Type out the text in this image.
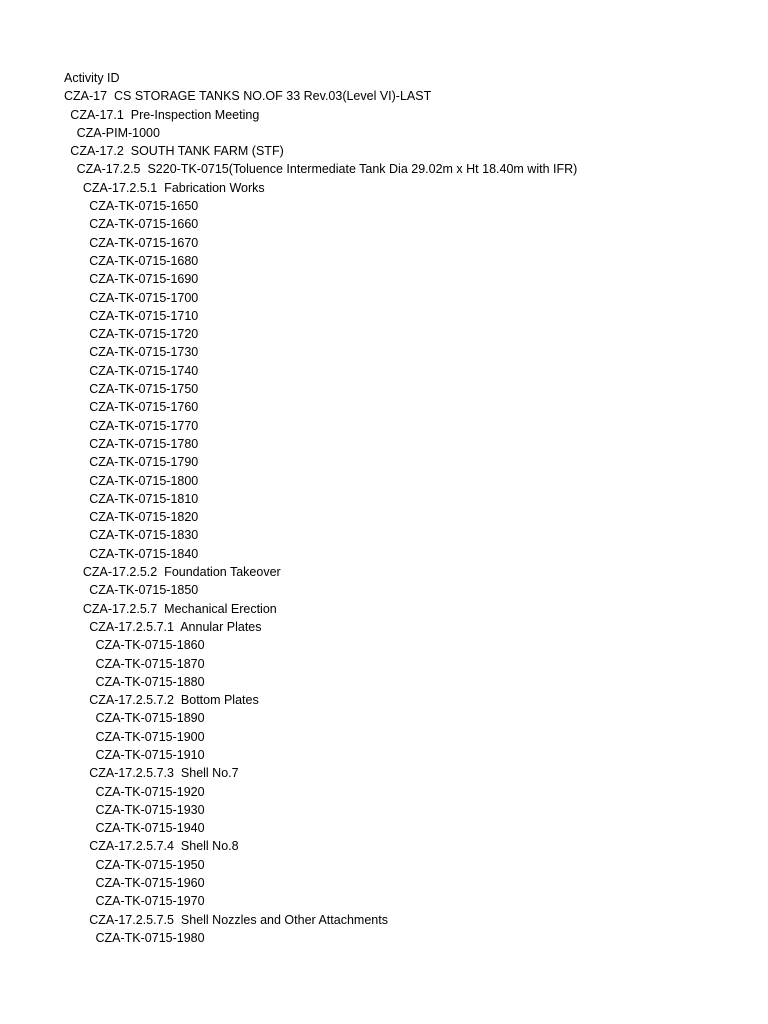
Activity ID
CZA-17  CS STORAGE TANKS NO.OF 33 Rev.03(Level VI)-LAST
CZA-17.1  Pre-Inspection Meeting
CZA-PIM-1000
CZA-17.2  SOUTH TANK FARM (STF)
CZA-17.2.5  S220-TK-0715(Toluence Intermediate Tank Dia 29.02m x Ht 18.40m with IFR)
CZA-17.2.5.1  Fabrication Works
CZA-TK-0715-1650
CZA-TK-0715-1660
CZA-TK-0715-1670
CZA-TK-0715-1680
CZA-TK-0715-1690
CZA-TK-0715-1700
CZA-TK-0715-1710
CZA-TK-0715-1720
CZA-TK-0715-1730
CZA-TK-0715-1740
CZA-TK-0715-1750
CZA-TK-0715-1760
CZA-TK-0715-1770
CZA-TK-0715-1780
CZA-TK-0715-1790
CZA-TK-0715-1800
CZA-TK-0715-1810
CZA-TK-0715-1820
CZA-TK-0715-1830
CZA-TK-0715-1840
CZA-17.2.5.2  Foundation Takeover
CZA-TK-0715-1850
CZA-17.2.5.7  Mechanical Erection
CZA-17.2.5.7.1  Annular Plates
CZA-TK-0715-1860
CZA-TK-0715-1870
CZA-TK-0715-1880
CZA-17.2.5.7.2  Bottom Plates
CZA-TK-0715-1890
CZA-TK-0715-1900
CZA-TK-0715-1910
CZA-17.2.5.7.3  Shell No.7
CZA-TK-0715-1920
CZA-TK-0715-1930
CZA-TK-0715-1940
CZA-17.2.5.7.4  Shell No.8
CZA-TK-0715-1950
CZA-TK-0715-1960
CZA-TK-0715-1970
CZA-17.2.5.7.5  Shell Nozzles and Other Attachments
CZA-TK-0715-1980
